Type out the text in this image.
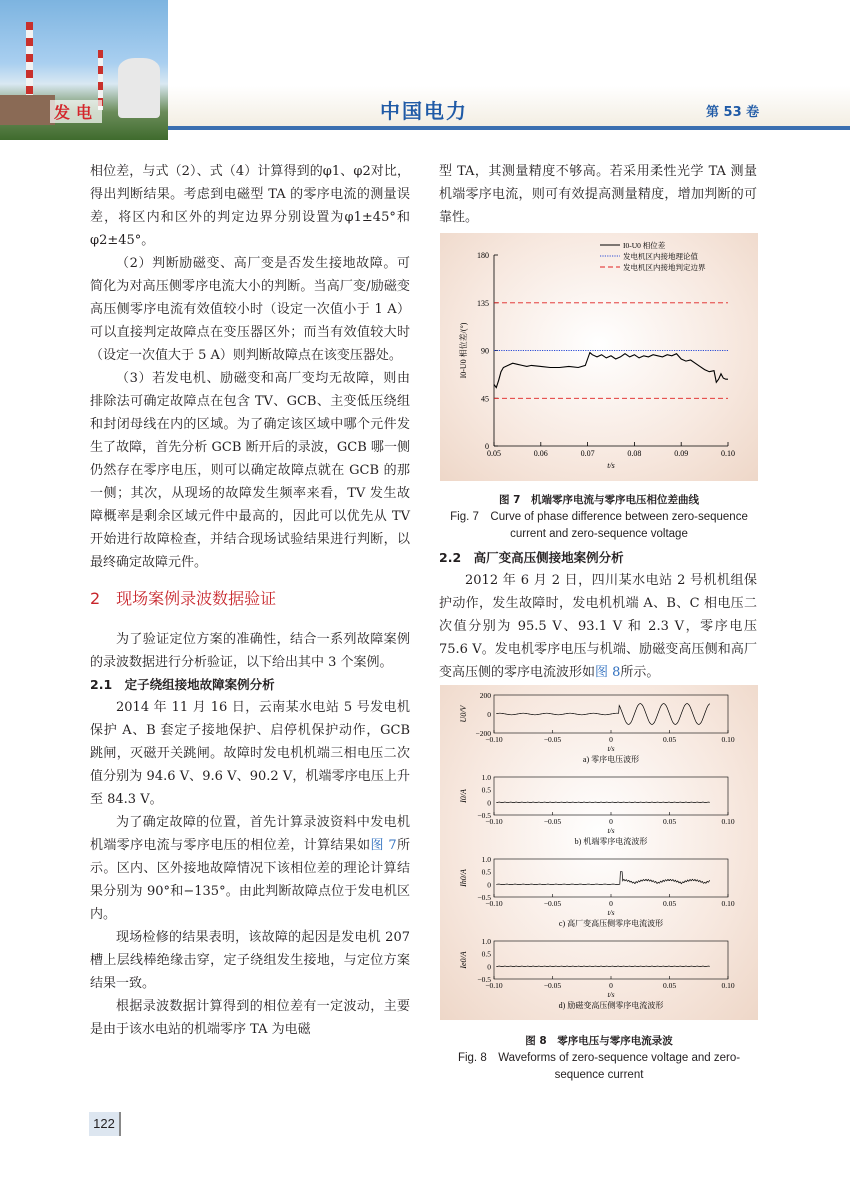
发电	中国电力	第 53 卷

相位差，与式（2）、式（4）计算得到的φ1、φ2对比，得出判断结果。考虑到电磁型 TA 的零序电流的测量误差，将区内和区外的判定边界分别设置为φ1±45°和φ2±45°。

（2）判断励磁变、高厂变是否发生接地故障。可简化为对高压侧零序电流大小的判断。当高厂变/励磁变高压侧零序电流有效值较小时（设定一次值小于 1 A）可以直接判定故障点在变压器区外；而当有效值较大时（设定一次值大于 5 A）则判断故障点在该变压器处。

（3）若发电机、励磁变和高厂变均无故障，则由排除法可确定故障点在包含 TV、GCB、主变低压绕组和封闭母线在内的区域。为了确定该区域中哪个元件发生了故障，首先分析 GCB 断开后的录波，GCB 哪一侧仍然存在零序电压，则可以确定故障点就在 GCB 的那一侧；其次，从现场的故障发生频率来看，TV 发生故障概率是剩余区域元件中最高的，因此可以优先从 TV 开始进行故障检查，并结合现场试验结果进行判断，以最终确定故障元件。

2　现场案例录波数据验证

为了验证定位方案的准确性，结合一系列故障案例的录波数据进行分析验证，以下给出其中 3 个案例。

2.1　定子绕组接地故障案例分析

2014 年 11 月 16 日，云南某水电站 5 号发电机保护 A、B 套定子接地保护、启停机保护动作，GCB 跳闸，灭磁开关跳闸。故障时发电机机端三相电压二次值分别为 94.6 V、9.6 V、90.2 V，机端零序电压上升至 84.3 V。

为了确定故障的位置，首先计算录波资料中发电机机端零序电流与零序电压的相位差，计算结果如图 7所示。区内、区外接地故障情况下该相位差的理论计算结果分别为 90°和−135°。由此判断故障点位于发电机区内。

现场检修的结果表明，该故障的起因是发电机 207 槽上层线棒绝缘击穿，定子绕组发生接地，与定位方案结果一致。

根据录波数据计算得到的相位差有一定波动，主要是由于该水电站的机端零序 TA 为电磁

型 TA，其测量精度不够高。若采用柔性光学 TA 测量机端零序电流，则可有效提高测量精度，增加判断的可靠性。

0
45
90
135
180
0.05	0.06	0.07	0.08	0.09	0.10
t/s
I0-U0 相位差/(°)
I0-U0 相位差
发电机区内接地理论值
发电机区内接地判定边界
图 7　机端零序电流与零序电压相位差曲线
Fig. 7　Curve of phase difference between zero-sequence current and zero-sequence voltage

2.2　高厂变高压侧接地案例分析

2012 年 6 月 2 日，四川某水电站 2 号机机组保护动作，发生故障时，发电机机端 A、B、C 相电压二次值分别为 95.5 V、93.1 V 和 2.3 V，零序电压 75.6 V。发电机零序电压与机端、励磁变高压侧和高厂变高压侧的零序电流波形如图 8所示。

200
0
−200
−0.10	−0.05	0	0.05	0.10
t/s
a) 零序电压波形
U0/V
1.0
0.5
0
−0.5
−0.10	−0.05	0	0.05	0.10
t/s
b) 机端零序电流波形
I0/A
1.0
0.5
0
−0.5
−0.10	−0.05	0	0.05	0.10
t/s
c) 高厂变高压侧零序电流波形
Ih0/A
1.0
0.5
0
−0.5
−0.10	−0.05	0	0.05	0.10
t/s
d) 励磁变高压侧零序电流波形
Ie0/A
图 8　零序电压与零序电流录波
Fig. 8　Waveforms of zero-sequence voltage and zero-sequence current
122
